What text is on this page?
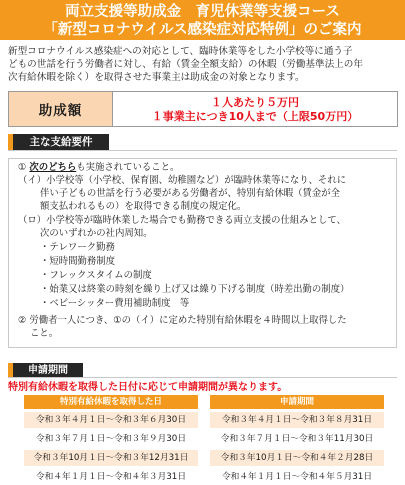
両立支援等助成金　育児休業等支援コース
「新型コロナウイルス感染症対応特例」のご案内
新型コロナウイルス感染症への対応として、臨時休業等をした小学校等に通う子
どもの世話を行う労働者に対し、有給（賃金全額支給）の休暇（労働基準法上の年
次有給休暇を除く）を取得させた事業主は助成金の対象となります。
助成額
１人あたり５万円
１事業主につき10人まで（上限50万円）
主な支給要件
① 次のどちらも実施されていること。
（イ）小学校等（小学校、保育園、幼稚園など）が臨時休業等になり、それに
伴い子どもの世話を行う必要がある労働者が、特別有給休暇（賃金が全
額支払われるもの）を取得できる制度の規定化。
（ロ）小学校等が臨時休業した場合でも勤務できる両立支援の仕組みとして、
次のいずれかの社内周知。
・テレワーク勤務
・短時間勤務制度
・フレックスタイムの制度
・始業又は終業の時刻を繰り上げ又は繰り下げる制度（時差出勤の制度）
・ベビーシッター費用補助制度　等
② 労働者一人につき、①の（イ）に定めた特別有給休暇を４時間以上取得した
こと。
申請期間
特別有給休暇を取得した日付に応じて申請期間が異なります。
特別有給休暇を取得した日	申請期間
令和３年４月１日～令和３年６月30日	令和３年４月１日～令和３年８月31日
令和３年７月１日～令和３年９月30日	令和３年７月１日～令和３年11月30日
令和３年10月１日～令和３年12月31日	令和３年10月１日～令和４年２月28日
令和４年１月１日～令和４年３月31日	令和４年１月１日～令和４年５月31日
